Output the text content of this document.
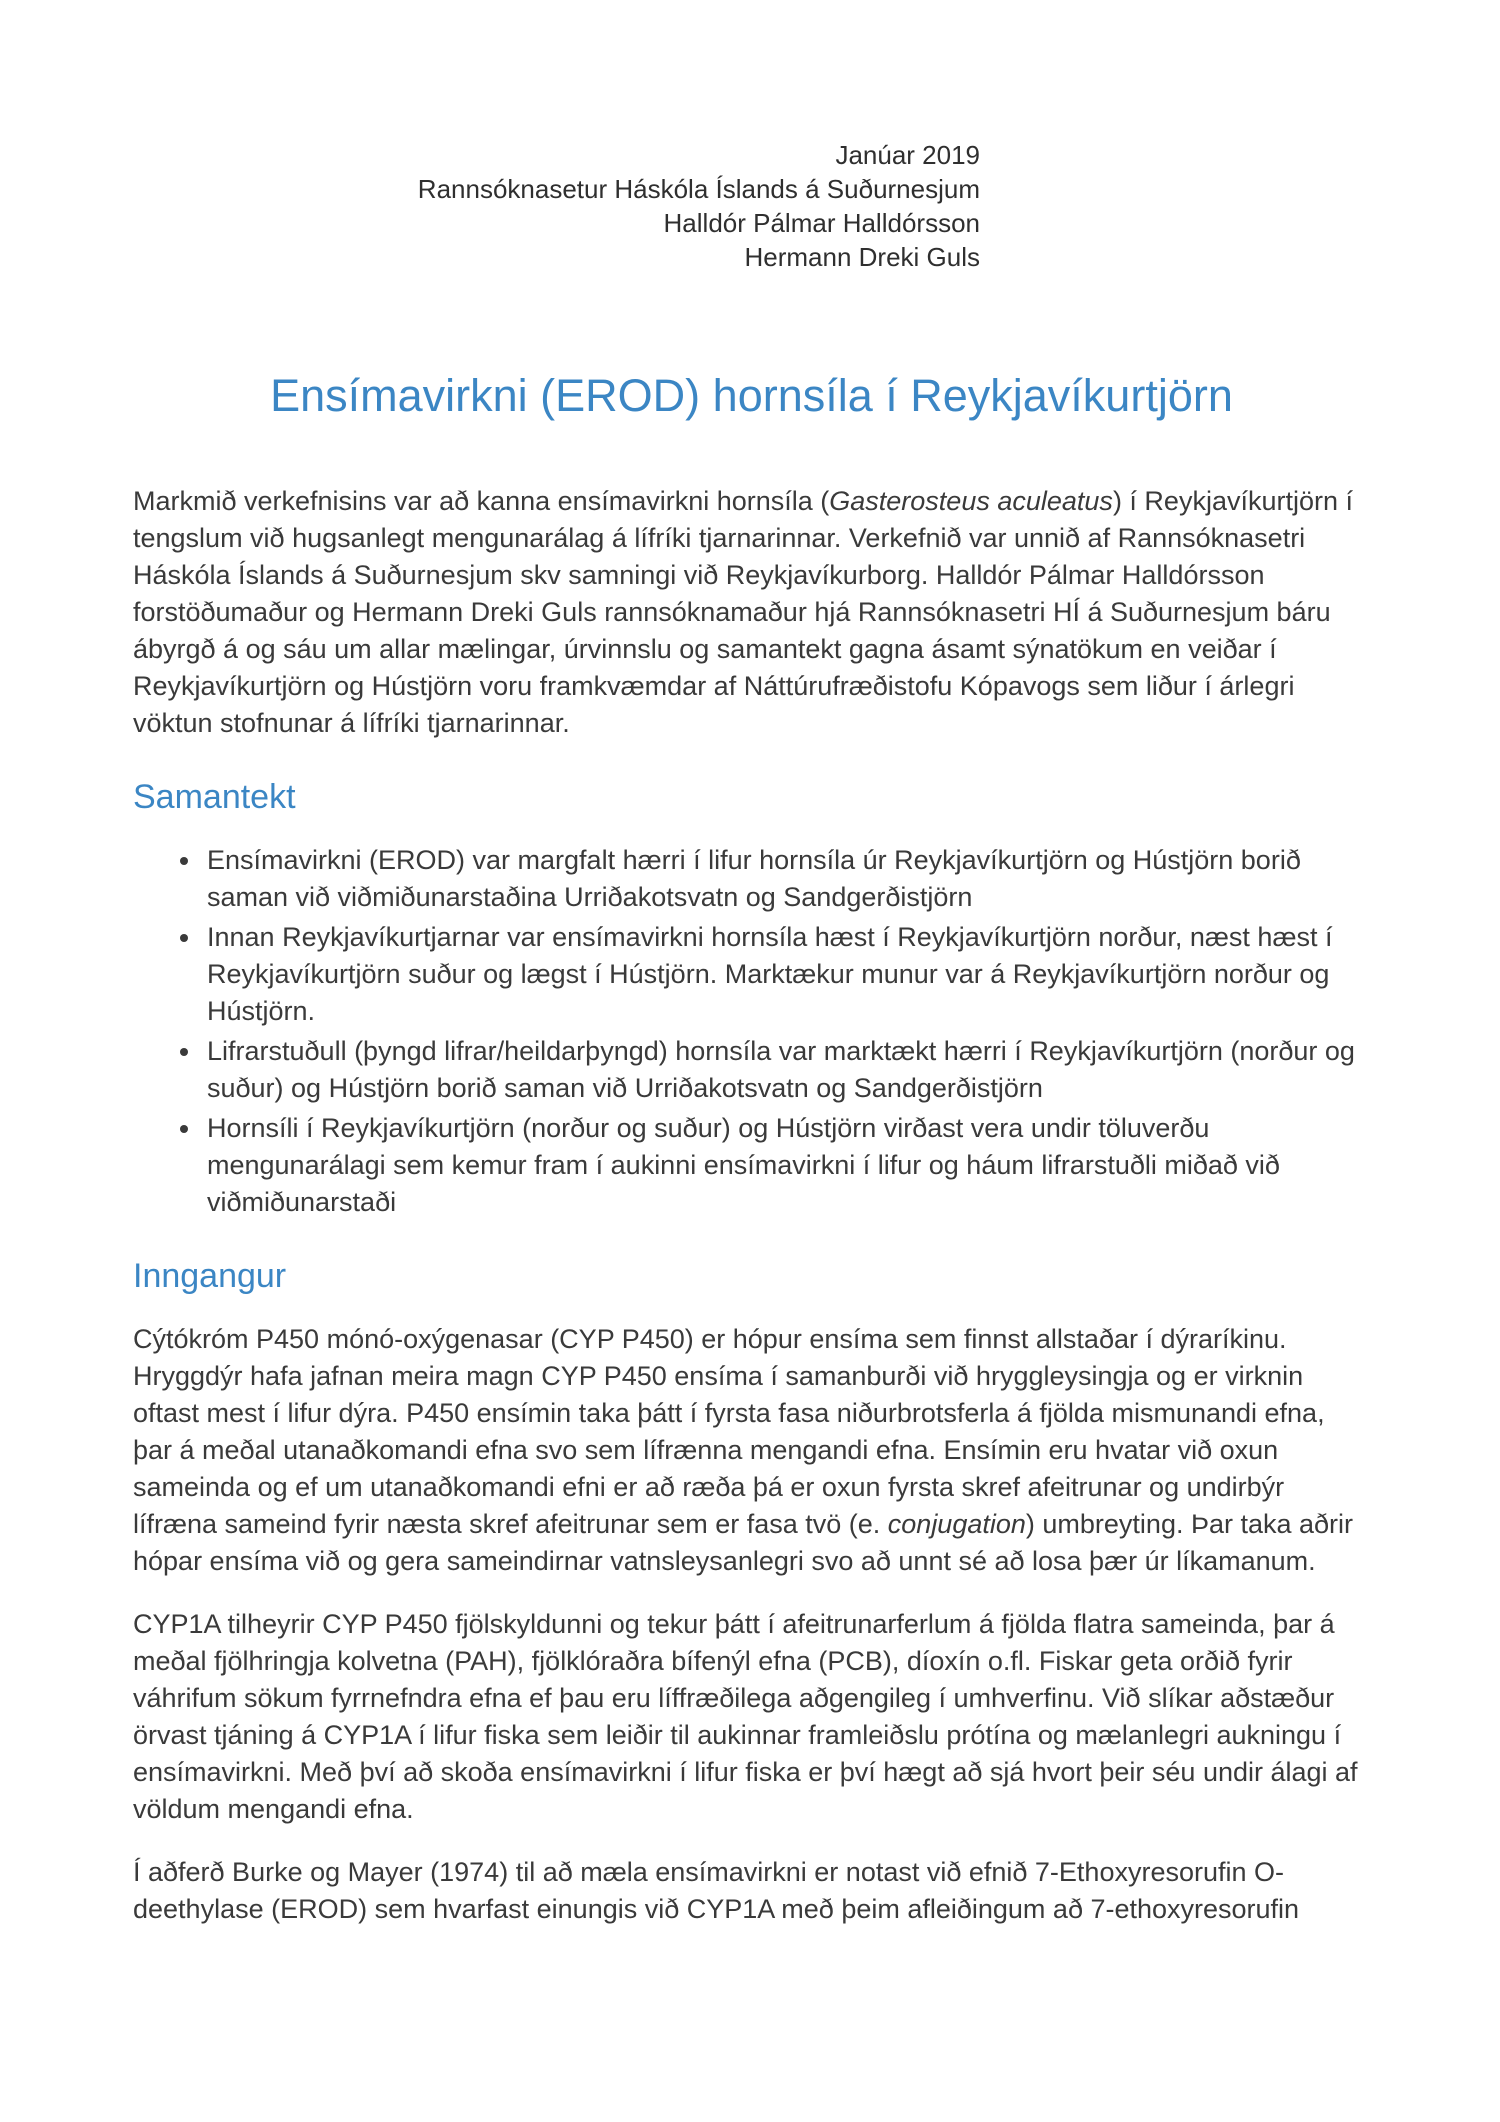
Janúar 2019
Rannsóknasetur Háskóla Íslands á Suðurnesjum
Halldór Pálmar Halldórsson
Hermann Dreki Guls
Ensímavirkni (EROD) hornsíla í Reykjavíkurtjörn

Markmið verkefnisins var að kanna ensímavirkni hornsíla (Gasterosteus aculeatus) í Reykjavíkurtjörn í tengslum við hugsanlegt mengunarálag á lífríki tjarnarinnar. Verkefnið var unnið af Rannsóknasetri Háskóla Íslands á Suðurnesjum skv samningi við Reykjavíkurborg. Halldór Pálmar Halldórsson forstöðumaður og Hermann Dreki Guls rannsóknamaður hjá Rannsóknasetri HÍ á Suðurnesjum báru ábyrgð á og sáu um allar mælingar, úrvinnslu og samantekt gagna ásamt sýnatökum en veiðar í Reykjavíkurtjörn og Hústjörn voru framkvæmdar af Náttúrufræðistofu Kópavogs sem liður í árlegri vöktun stofnunar á lífríki tjarnarinnar.

Samantekt
• Ensímavirkni (EROD) var margfalt hærri í lifur hornsíla úr Reykjavíkurtjörn og Hústjörn borið saman við viðmiðunarstaðina Urriðakotsvatn og Sandgerðistjörn
• Innan Reykjavíkurtjarnar var ensímavirkni hornsíla hæst í Reykjavíkurtjörn norður, næst hæst í Reykjavíkurtjörn suður og lægst í Hústjörn. Marktækur munur var á Reykjavíkurtjörn norður og Hústjörn.
• Lifrarstuðull (þyngd lifrar/heildarþyngd) hornsíla var marktækt hærri í Reykjavíkurtjörn (norður og suður) og Hústjörn borið saman við Urriðakotsvatn og Sandgerðistjörn
• Hornsíli í Reykjavíkurtjörn (norður og suður) og Hústjörn virðast vera undir töluverðu mengunarálagi sem kemur fram í aukinni ensímavirkni í lifur og háum lifrarstuðli miðað við viðmiðunarstaði
Inngangur

Cýtókróm P450 mónó-oxýgenasar (CYP P450) er hópur ensíma sem finnst allstaðar í dýraríkinu. Hryggdýr hafa jafnan meira magn CYP P450 ensíma í samanburði við hryggleysingja og er virknin oftast mest í lifur dýra. P450 ensímin taka þátt í fyrsta fasa niðurbrotsferla á fjölda mismunandi efna, þar á meðal utanaðkomandi efna svo sem lífrænna mengandi efna. Ensímin eru hvatar við oxun sameinda og ef um utanaðkomandi efni er að ræða þá er oxun fyrsta skref afeitrunar og undirbýr lífræna sameind fyrir næsta skref afeitrunar sem er fasa tvö (e. conjugation) umbreyting. Þar taka aðrir hópar ensíma við og gera sameindirnar vatnsleysanlegri svo að unnt sé að losa þær úr líkamanum.

CYP1A tilheyrir CYP P450 fjölskyldunni og tekur þátt í afeitrunarferlum á fjölda flatra sameinda, þar á meðal fjölhringja kolvetna (PAH), fjölklóraðra bífenýl efna (PCB), díoxín o.fl. Fiskar geta orðið fyrir váhrifum sökum fyrrnefndra efna ef þau eru líffræðilega aðgengileg í umhverfinu. Við slíkar aðstæður örvast tjáning á CYP1A í lifur fiska sem leiðir til aukinnar framleiðslu prótína og mælanlegri aukningu í ensímavirkni. Með því að skoða ensímavirkni í lifur fiska er því hægt að sjá hvort þeir séu undir álagi af völdum mengandi efna.

Í aðferð Burke og Mayer (1974) til að mæla ensímavirkni er notast við efnið 7-Ethoxyresorufin O-deethylase (EROD) sem hvarfast einungis við CYP1A með þeim afleiðingum að 7-ethoxyresorufin
